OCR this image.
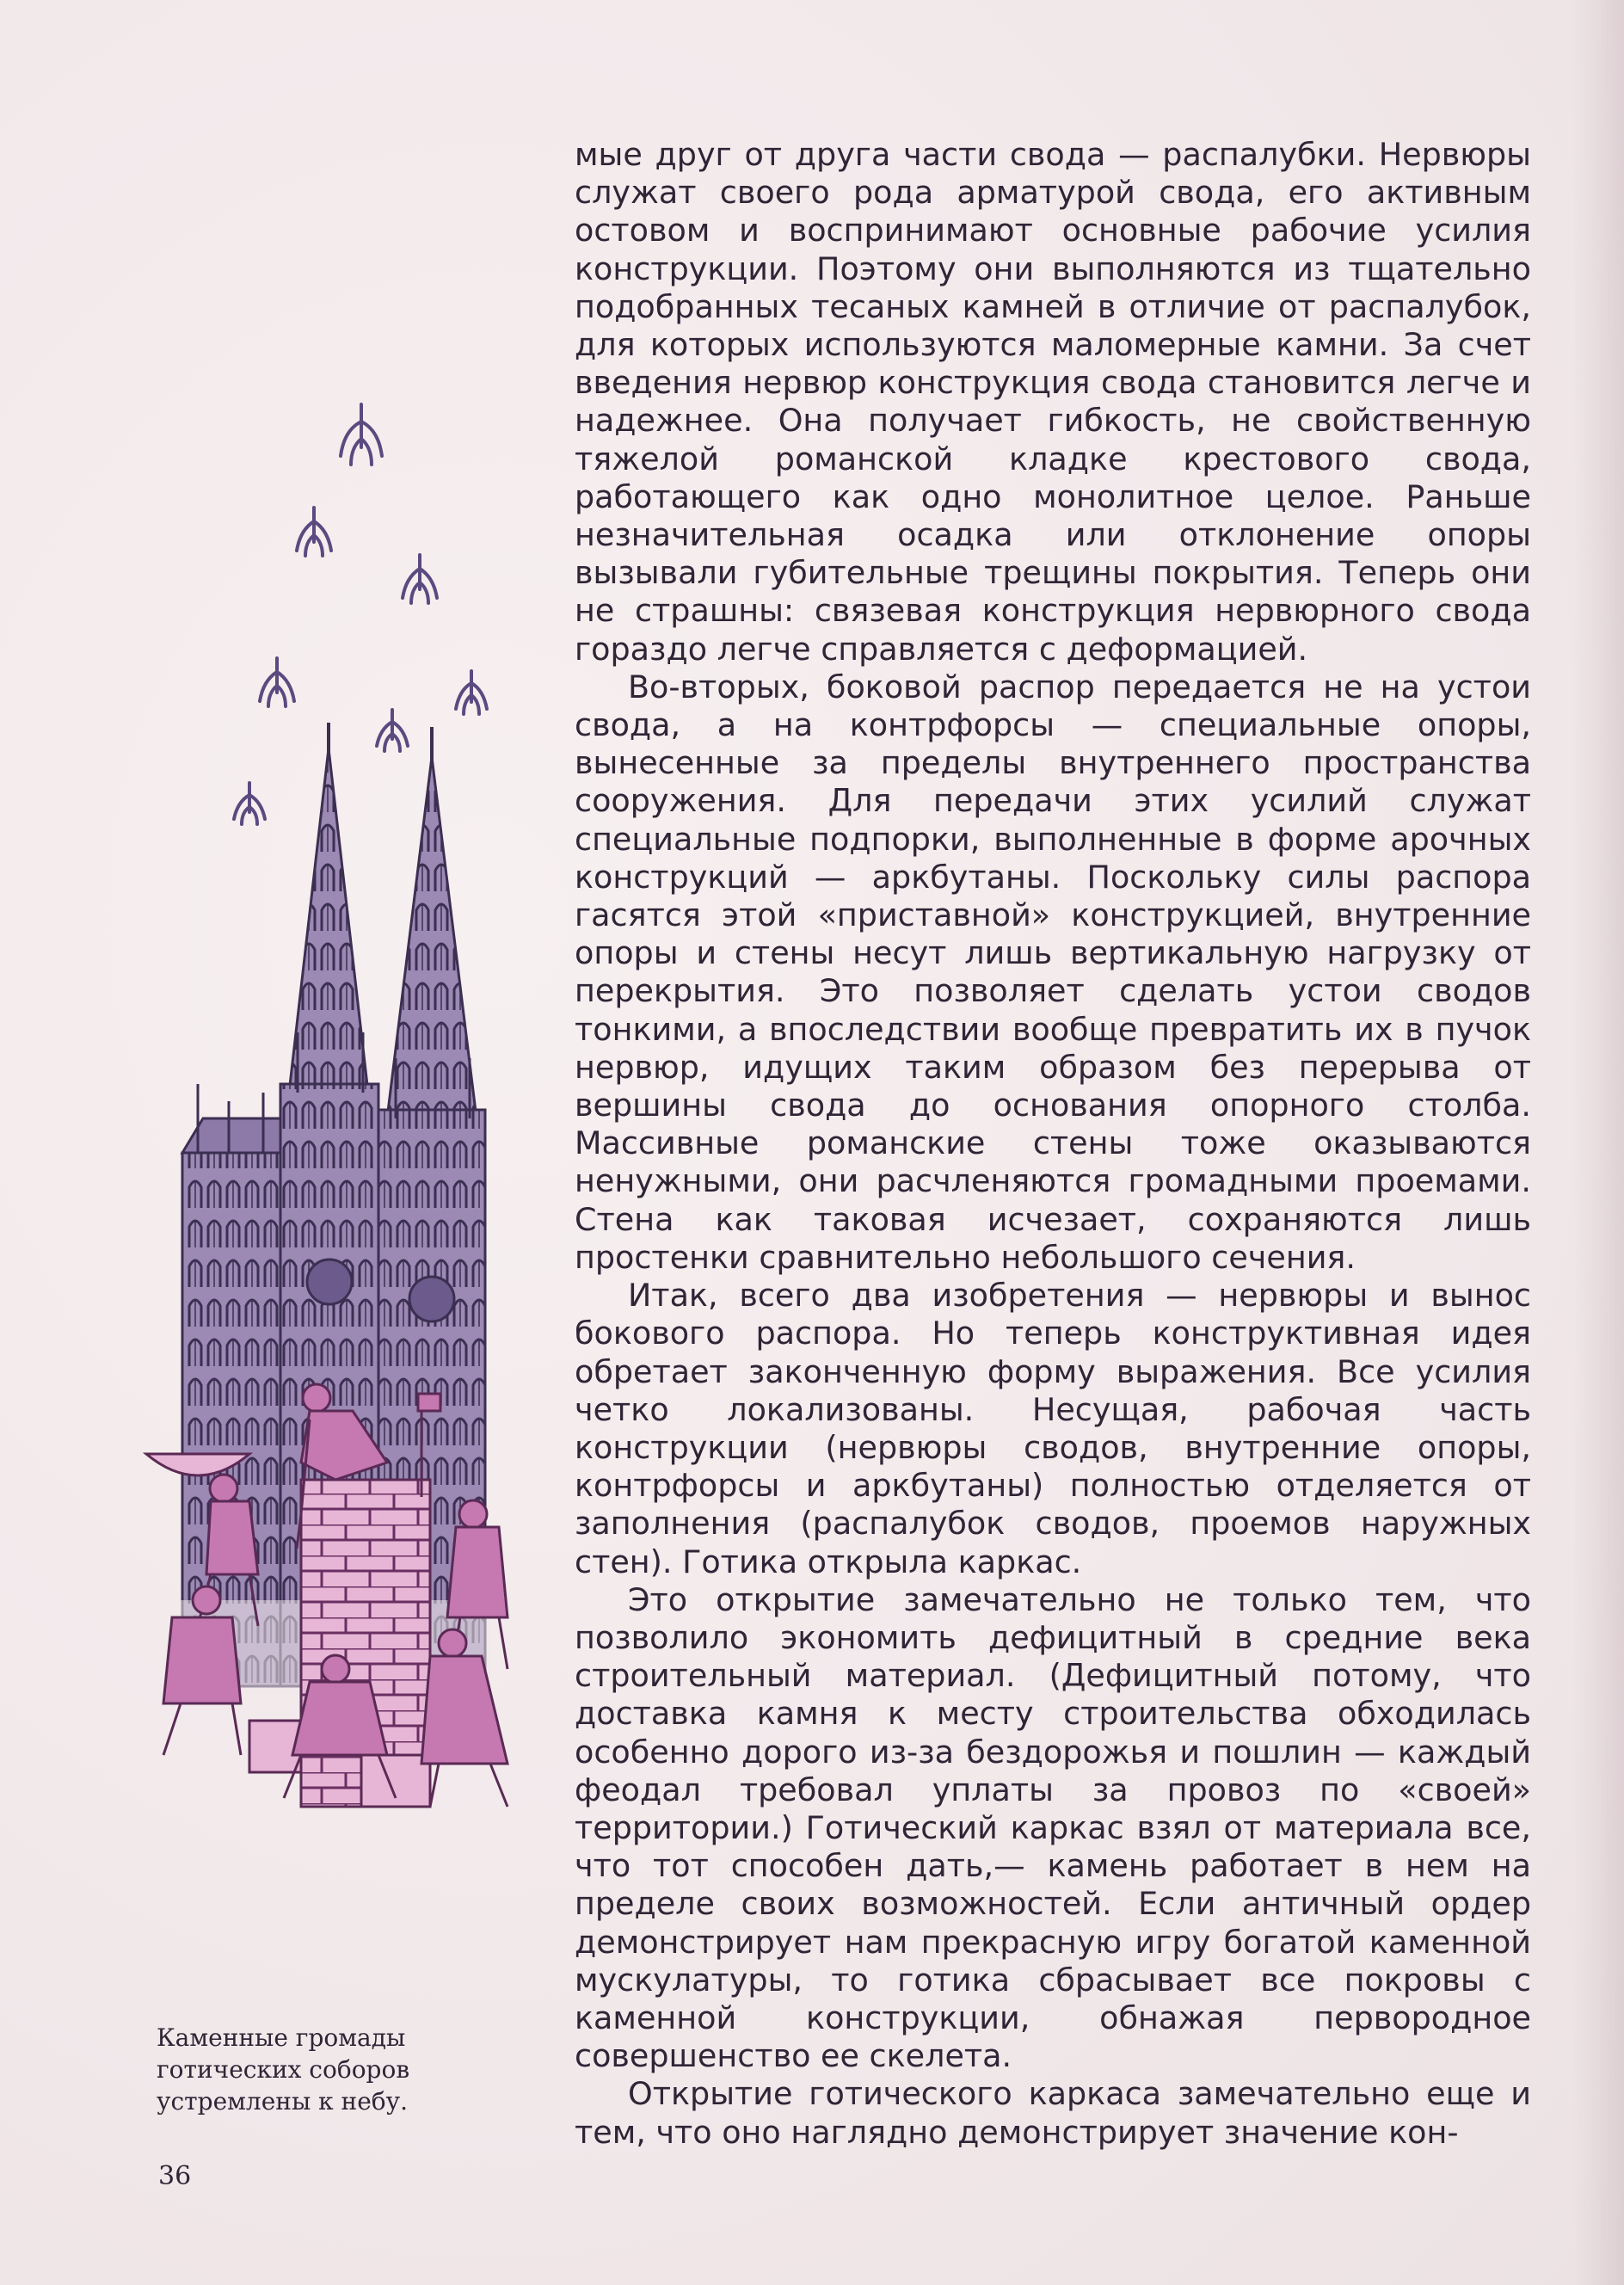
мые друг от друга части свода — распалубки. Нервюры служат своего рода арматурой свода, его активным остовом и воспринимают основные рабочие усилия конструкции. Поэтому они выполняются из тщательно подобранных тесаных камней в отличие от распалубок, для которых используются маломерные камни. За счет введения нервюр конструкция свода становится легче и надежнее. Она получает гибкость, не свойственную тяжелой романской кладке крестового свода, работающего как одно монолитное целое. Раньше незначительная осадка или отклонение опоры вызывали губительные трещины покрытия. Теперь они не страшны: связевая конструкция нервюрного свода гораздо легче справляется с деформацией.

Во-вторых, боковой распор передается не на устои свода, а на контрфорсы — специальные опоры, вынесенные за пределы внутреннего пространства сооружения. Для передачи этих усилий служат специальные подпорки, выполненные в форме арочных конструкций — аркбутаны. Поскольку силы распора гасятся этой «приставной» конструкцией, внутренние опоры и стены несут лишь вертикальную нагрузку от перекрытия. Это позволяет сделать устои сводов тонкими, а впоследствии вообще превратить их в пучок нервюр, идущих таким образом без перерыва от вершины свода до основания опорного столба. Массивные романские стены тоже оказываются ненужными, они расчленяются громадными проемами. Стена как таковая исчезает, сохраняются лишь простенки сравнительно небольшого сечения.

Итак, всего два изобретения — нервюры и вынос бокового распора. Но теперь конструктивная идея обретает законченную форму выражения. Все усилия четко локализованы. Несущая, рабочая часть конструкции (нервюры сводов, внутренние опоры, контрфорсы и аркбутаны) полностью отделяется от заполнения (распалубок сводов, проемов наружных стен). Готика открыла каркас.

Это открытие замечательно не только тем, что позволило экономить дефицитный в средние века строительный материал. (Дефицитный потому, что доставка камня к месту строительства обходилась особенно дорого из-за бездорожья и пошлин — каждый феодал требовал уплаты за провоз по «своей» территории.) Готический каркас взял от материала все, что тот способен дать,— камень работает в нем на пределе своих возможностей. Если античный ордер демонстрирует нам прекрасную игру богатой каменной мускулатуры, то готика сбрасывает все покровы с каменной конструкции, обнажая первородное совершенство ее скелета.

Открытие готического каркаса замечательно еще и тем, что оно наглядно демонстрирует значение кон-

Каменные громады
готических соборов
устремлены к небу.
36
